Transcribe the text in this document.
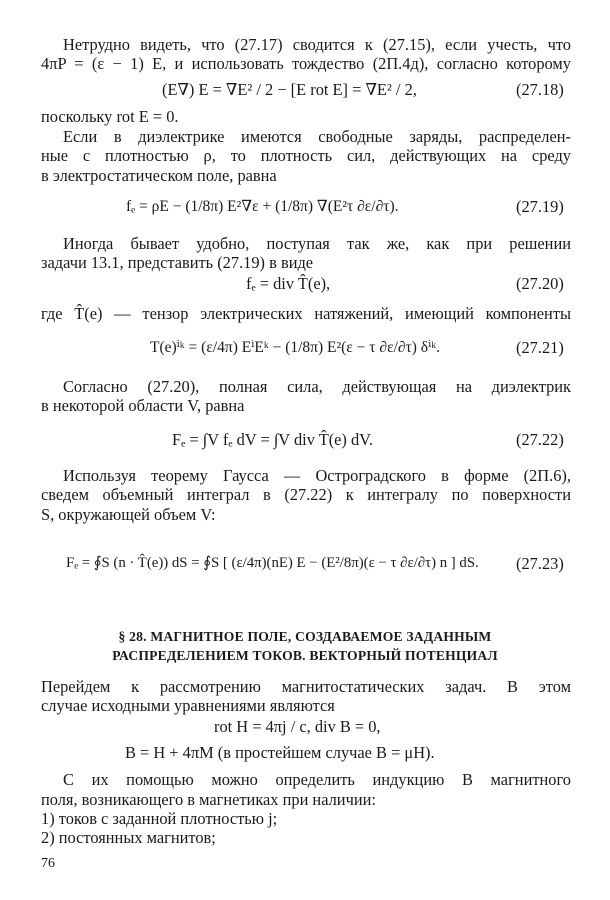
Нетрудно видеть, что (27.17) сводится к (27.15), если учесть, что
4πP = (ε − 1) E, и использовать тождество (2П.4д), согласно которому
поскольку rot E = 0.
Если в диэлектрике имеются свободные заряды, распределен-
ные с плотностью ρ, то плотность сил, действующих на среду
в электростатическом поле, равна
Иногда бывает удобно, поступая так же, как при решении
задачи 13.1, представить (27.19) в виде
где T̂(e) — тензор электрических натяжений, имеющий компоненты
Согласно (27.20), полная сила, действующая на диэлектрик
в некоторой области V, равна
Используя теорему Гаусса — Остроградского в форме (2П.6),
сведем объемный интеграл в (27.22) к интегралу по поверхности
S, окружающей объем V:
Перейдем к рассмотрению магнитостатических задач. В этом
случае исходными уравнениями являются
С их помощью можно определить индукцию B магнитного
поля, возникающего в магнетиках при наличии:
1) токов с заданной плотностью j;
2) постоянных магнитов;
(E∇) E = ∇E² / 2 − [E rot E] = ∇E² / 2,
fₑ = ρE − (1/8π) E²∇ε + (1/8π) ∇(E²τ ∂ε/∂τ).
fₑ = div T̂(e),
T(e)ⁱᵏ = (ε/4π) EⁱEᵏ − (1/8π) E²(ε − τ ∂ε/∂τ) δⁱᵏ.
Fₑ = ∫V fₑ dV = ∫V div T̂(e) dV.
Fₑ = ∮S (n · T̂(e)) dS = ∮S [ (ε/4π)(nE) E − (E²/8π)(ε − τ ∂ε/∂τ) n ] dS.
rot H = 4πj / c, div B = 0,
B = H + 4πM (в простейшем случае B = μH).
(27.18)
(27.19)
(27.20)
(27.21)
(27.22)
(27.23)
§ 28. МАГНИТНОЕ ПОЛЕ, СОЗДАВАЕМОЕ ЗАДАННЫМ
РАСПРЕДЕЛЕНИЕМ ТОКОВ. ВЕКТОРНЫЙ ПОТЕНЦИАЛ
76
